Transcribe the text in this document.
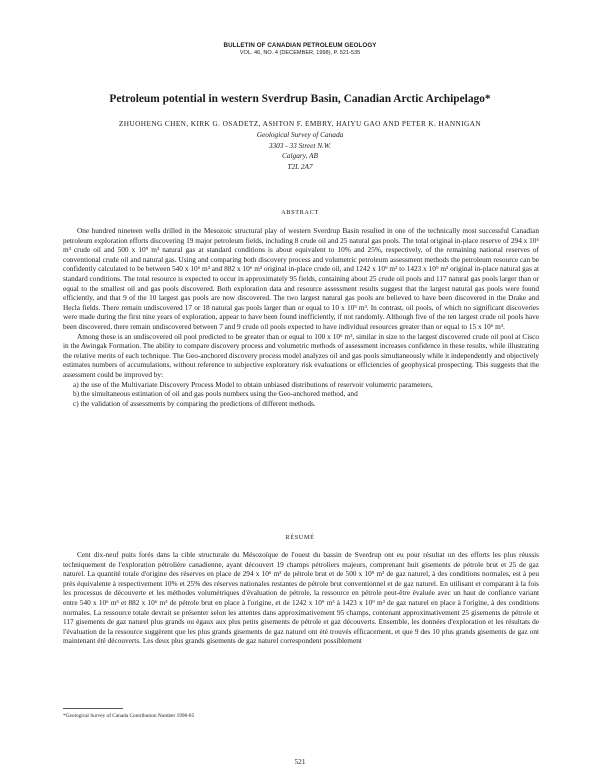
BULLETIN OF CANADIAN PETROLEUM GEOLOGY
VOL. 46, NO. 4 (DECEMBER, 1998), P. 521-535
Petroleum potential in western Sverdrup Basin, Canadian Arctic Archipelago*
ZHUOHENG CHEN, KIRK G. OSADETZ, ASHTON F. EMBRY, HAIYU GAO AND PETER K. HANNIGAN
Geological Survey of Canada
3303 - 33 Street N.W.
Calgary, AB
T2L 2A7
ABSTRACT

One hundred nineteen wells drilled in the Mesozoic structural play of western Sverdrup Basin resulted in one of the technically most successful Canadian petroleum exploration efforts discovering 19 major petroleum fields, including 8 crude oil and 25 natural gas pools. The total original in-place reserve of 294 x 10⁶ m³ crude oil and 500 x 10⁹ m³ natural gas at standard conditions is about equivalent to 10% and 25%, respectively, of the remaining national reserves of conventional crude oil and natural gas. Using and comparing both discovery process and volumetric petroleum assessment methods the petroleum resource can be confidently calculated to be between 540 x 10⁶ m³ and 882 x 10⁶ m³ original in-place crude oil, and 1242 x 10⁹ m³ to 1423 x 10⁹ m³ original in-place natural gas at standard conditions. The total resource is expected to occur in approximately 95 fields, containing about 25 crude oil pools and 117 natural gas pools larger than or equal to the smallest oil and gas pools discovered. Both exploration data and resource assessment results suggest that the largest natural gas pools were found efficiently, and that 9 of the 10 largest gas pools are now discovered. The two largest natural gas pools are believed to have been discovered in the Drake and Hecla fields. There remain undiscovered 17 or 18 natural gas pools larger than or equal to 10 x 10⁹ m³. In contrast, oil pools, of which no significant discoveries were made during the first nine years of exploration, appear to have been found inefficiently, if not randomly. Although five of the ten largest crude oil pools have been discovered, there remain undiscovered between 7 and 9 crude oil pools expected to have individual resources greater than or equal to 15 x 10⁶ m³.

Among these is an undiscovered oil pool predicted to be greater than or equal to 100 x 10⁶ m³, similar in size to the largest discovered crude oil pool at Cisco in the Awingak Formation. The ability to compare discovery process and volumetric methods of assessment increases confidence in these results, while illustrating the relative merits of each technique. The Geo-anchored discovery process model analyzes oil and gas pools simultaneously while it independently and objectively estimates numbers of accumulations, without reference to subjective exploratory risk evaluations or efficiencies of geophysical prospecting. This suggests that the assessment could be improved by:

a) the use of the Multivariate Discovery Process Model to obtain unbiased distributions of reservoir volumetric parameters,

b) the simultaneous estimation of oil and gas pools numbers using the Geo-anchored method, and

c) the validation of assessments by comparing the predictions of different methods.

RÉSUMÉ

Cent dix-neuf puits forés dans la cible structurale du Mésozoïque de l'ouest du bassin de Sverdrup ont eu pour résultat un des efforts les plus réussis techniquement de l'exploration pétrolière canadienne, ayant découvert 19 champs pétroliers majeurs, comprenant huit gisements de pétrole brut et 25 de gaz naturel. La quantité totale d'origine des réserves en place de 294 x 10⁶ m³ de pétrole brut et de 500 x 10⁹ m³ de gaz naturel, à des conditions normales, est à peu près équivalente à respectivement 10% et 25% des réserves nationales restantes de pétrole brut conventionnel et de gaz naturel. En utilisant et comparant à la fois les processus de découverte et les méthodes volumétriques d'évaluation de pétrole, la ressource en pétrole peut-être évaluée avec un haut de confiance variant entre 540 x 10⁶ m³ et 882 x 10⁶ m³ de pétrole brut en place à l'origine, et de 1242 x 10⁹ m³ à 1423 x 10⁹ m³ de gaz naturel en place à l'origine, à des conditions normales. La ressource totale devrait se présenter selon les attentes dans approximativement 95 champs, contenant approximativement 25 gisements de pétrole et 117 gisements de gaz naturel plus grands ou égaux aux plus petits gisements de pétrole et gaz découverts. Ensemble, les données d'exploration et les résultats de l'évaluation de la ressource suggèrent que les plus grands gisements de gaz naturel ont été trouvés efficacement, et que 9 des 10 plus grands gisements de gaz ont maintenant été découverts. Les deux plus grands gisements de gaz naturel correspondent possiblement

*Geological Survey of Canada Contribution Number 1998-85
521
